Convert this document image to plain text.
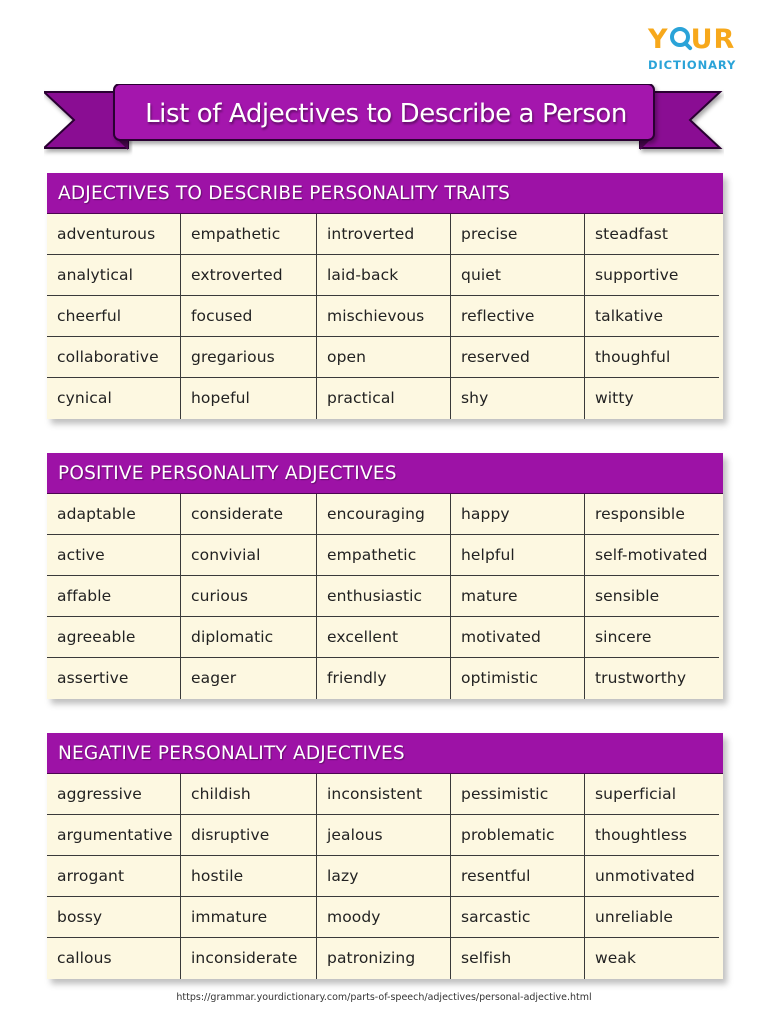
Y UR
DICTIONARY
List of Adjectives to Describe a Person
ADJECTIVES TO DESCRIBE PERSONALITY TRAITS
adventurous	empathetic	introverted	precise	steadfast
analytical	extroverted	laid-back	quiet	supportive
cheerful	focused	mischievous	reflective	talkative
collaborative	gregarious	open	reserved	thoughful
cynical	hopeful	practical	shy	witty
POSITIVE PERSONALITY ADJECTIVES
adaptable	considerate	encouraging	happy	responsible
active	convivial	empathetic	helpful	self-motivated
affable	curious	enthusiastic	mature	sensible
agreeable	diplomatic	excellent	motivated	sincere
assertive	eager	friendly	optimistic	trustworthy
NEGATIVE PERSONALITY ADJECTIVES
aggressive	childish	inconsistent	pessimistic	superficial
argumentative	disruptive	jealous	problematic	thoughtless
arrogant	hostile	lazy	resentful	unmotivated
bossy	immature	moody	sarcastic	unreliable
callous	inconsiderate	patronizing	selfish	weak
https://grammar.yourdictionary.com/parts-of-speech/adjectives/personal-adjective.html
